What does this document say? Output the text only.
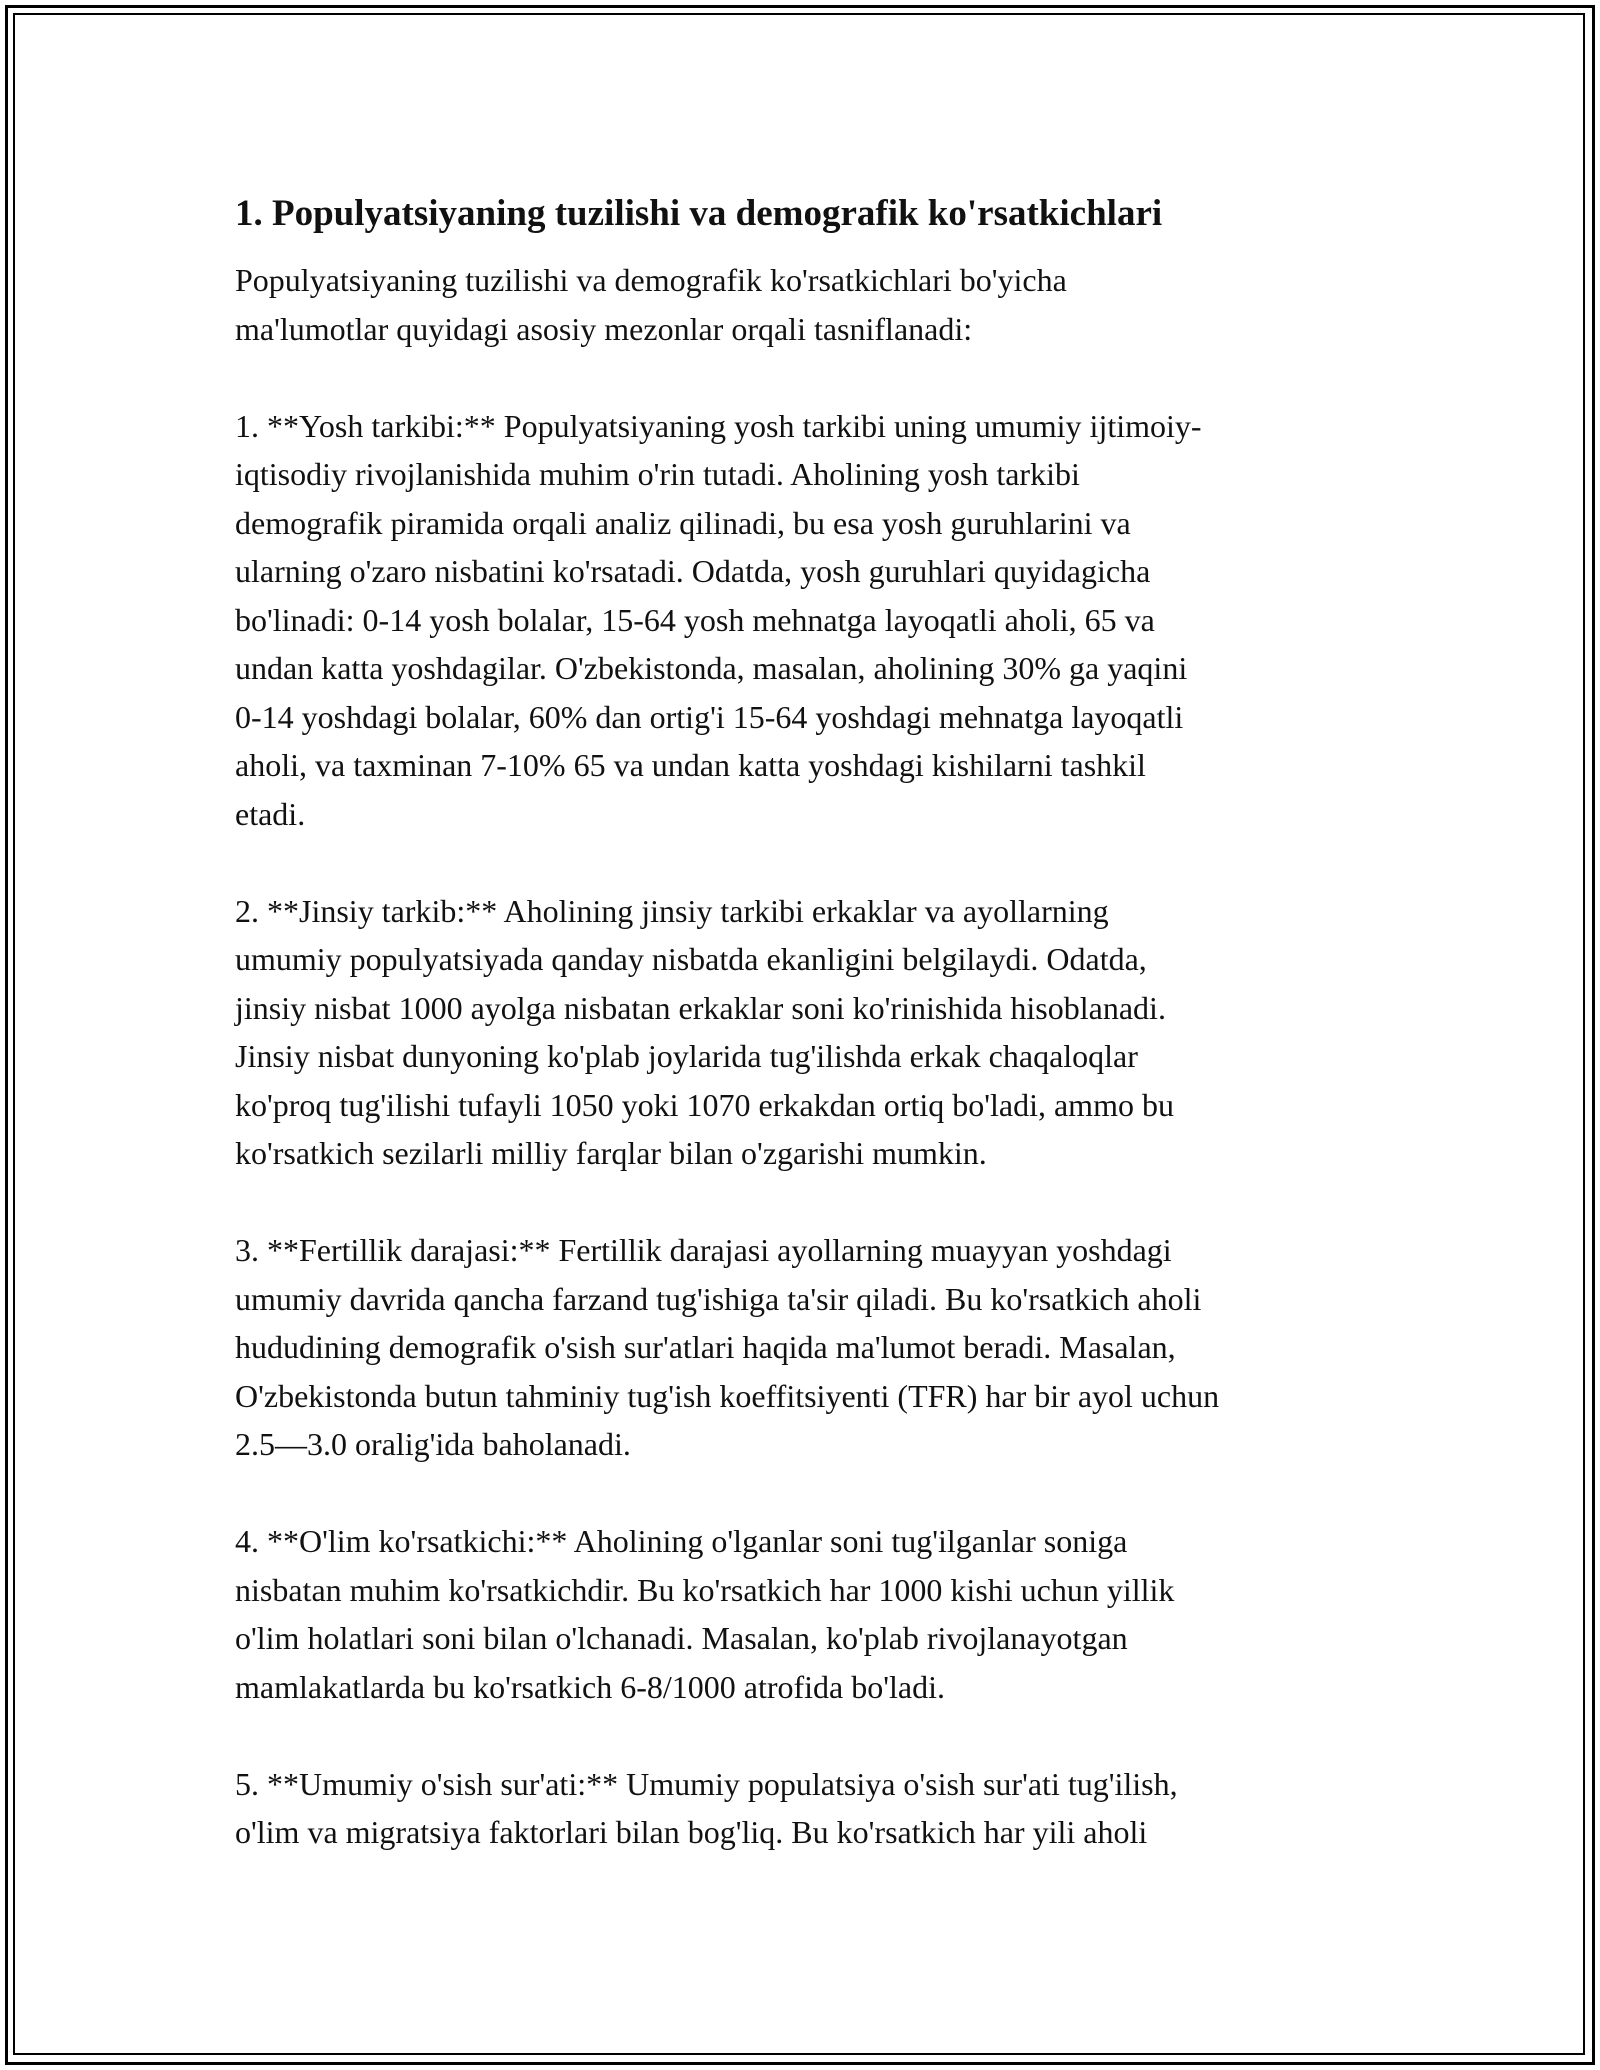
1. Populyatsiyaning tuzilishi va demografik ko'rsatkichlari
Populyatsiyaning tuzilishi va demografik ko'rsatkichlari bo'yicha
ma'lumotlar quyidagi asosiy mezonlar orqali tasniflanadi:
1. **Yosh tarkibi:** Populyatsiyaning yosh tarkibi uning umumiy ijtimoiy-
iqtisodiy rivojlanishida muhim o'rin tutadi. Aholining yosh tarkibi
demografik piramida orqali analiz qilinadi, bu esa yosh guruhlarini va
ularning o'zaro nisbatini ko'rsatadi. Odatda, yosh guruhlari quyidagicha
bo'linadi: 0-14 yosh bolalar, 15-64 yosh mehnatga layoqatli aholi, 65 va
undan katta yoshdagilar. O'zbekistonda, masalan, aholining 30% ga yaqini
0-14 yoshdagi bolalar, 60% dan ortig'i 15-64 yoshdagi mehnatga layoqatli
aholi, va taxminan 7-10% 65 va undan katta yoshdagi kishilarni tashkil
etadi.
2. **Jinsiy tarkib:** Aholining jinsiy tarkibi erkaklar va ayollarning
umumiy populyatsiyada qanday nisbatda ekanligini belgilaydi. Odatda,
jinsiy nisbat 1000 ayolga nisbatan erkaklar soni ko'rinishida hisoblanadi.
Jinsiy nisbat dunyoning ko'plab joylarida tug'ilishda erkak chaqaloqlar
ko'proq tug'ilishi tufayli 1050 yoki 1070 erkakdan ortiq bo'ladi, ammo bu
ko'rsatkich sezilarli milliy farqlar bilan o'zgarishi mumkin.
3. **Fertillik darajasi:** Fertillik darajasi ayollarning muayyan yoshdagi
umumiy davrida qancha farzand tug'ishiga ta'sir qiladi. Bu ko'rsatkich aholi
hududining demografik o'sish sur'atlari haqida ma'lumot beradi. Masalan,
O'zbekistonda butun tahminiy tug'ish koeffitsiyenti (TFR) har bir ayol uchun
2.5—3.0 oralig'ida baholanadi.
4. **O'lim ko'rsatkichi:** Aholining o'lganlar soni tug'ilganlar soniga
nisbatan muhim ko'rsatkichdir. Bu ko'rsatkich har 1000 kishi uchun yillik
o'lim holatlari soni bilan o'lchanadi. Masalan, ko'plab rivojlanayotgan
mamlakatlarda bu ko'rsatkich 6-8/1000 atrofida bo'ladi.
5. **Umumiy o'sish sur'ati:** Umumiy populatsiya o'sish sur'ati tug'ilish,
o'lim va migratsiya faktorlari bilan bog'liq. Bu ko'rsatkich har yili aholi
